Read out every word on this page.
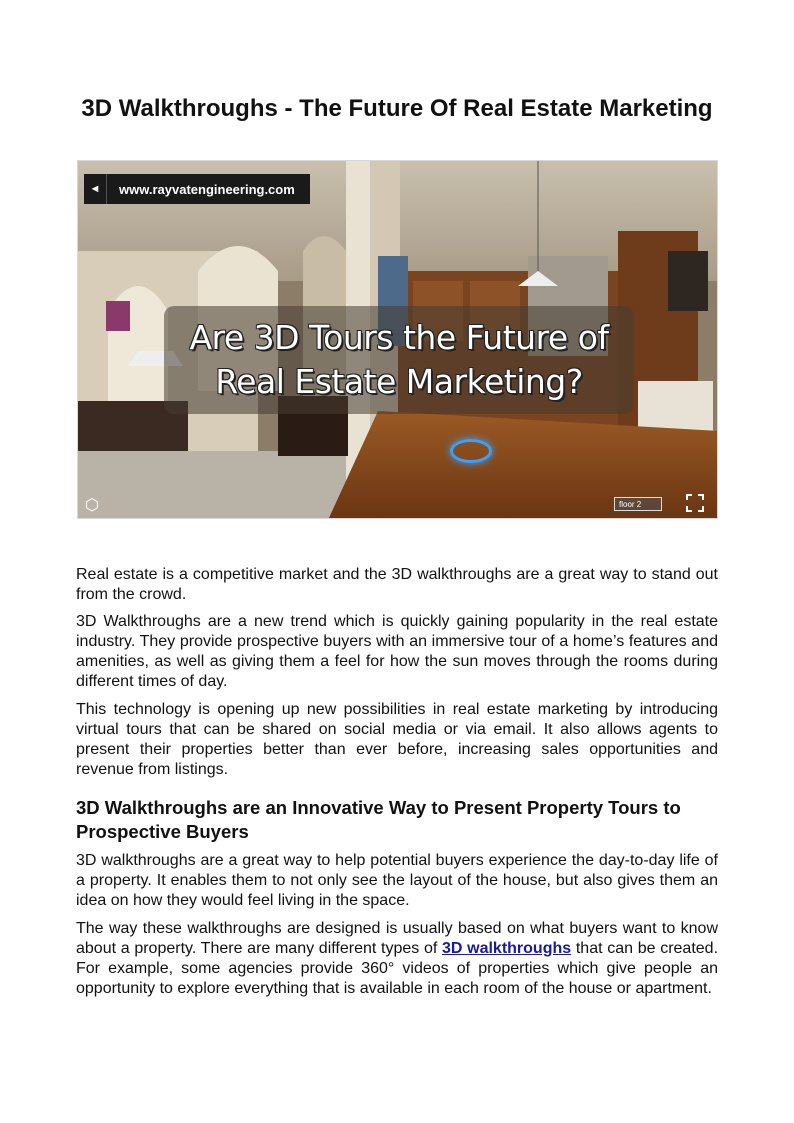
3D Walkthroughs - The Future Of Real Estate Marketing
◄	www.rayvatengineering.com
Are 3D Tours the Future of
Real Estate Marketing?
⬡	floor 2

Real estate is a competitive market and the 3D walkthroughs are a great way to stand out from the crowd.

3D Walkthroughs are a new trend which is quickly gaining popularity in the real estate industry. They provide prospective buyers with an immersive tour of a home’s features and amenities, as well as giving them a feel for how the sun moves through the rooms during different times of day.

This technology is opening up new possibilities in real estate marketing by introducing virtual tours that can be shared on social media or via email. It also allows agents to present their properties better than ever before, increasing sales opportunities and revenue from listings.

3D Walkthroughs are an Innovative Way to Present Property Tours to Prospective Buyers

3D walkthroughs are a great way to help potential buyers experience the day-to-day life of a property. It enables them to not only see the layout of the house, but also gives them an idea on how they would feel living in the space.

The way these walkthroughs are designed is usually based on what buyers want to know about a property. There are many different types of 3D walkthroughs that can be created. For example, some agencies provide 360° videos of properties which give people an opportunity to explore everything that is available in each room of the house or apartment.
